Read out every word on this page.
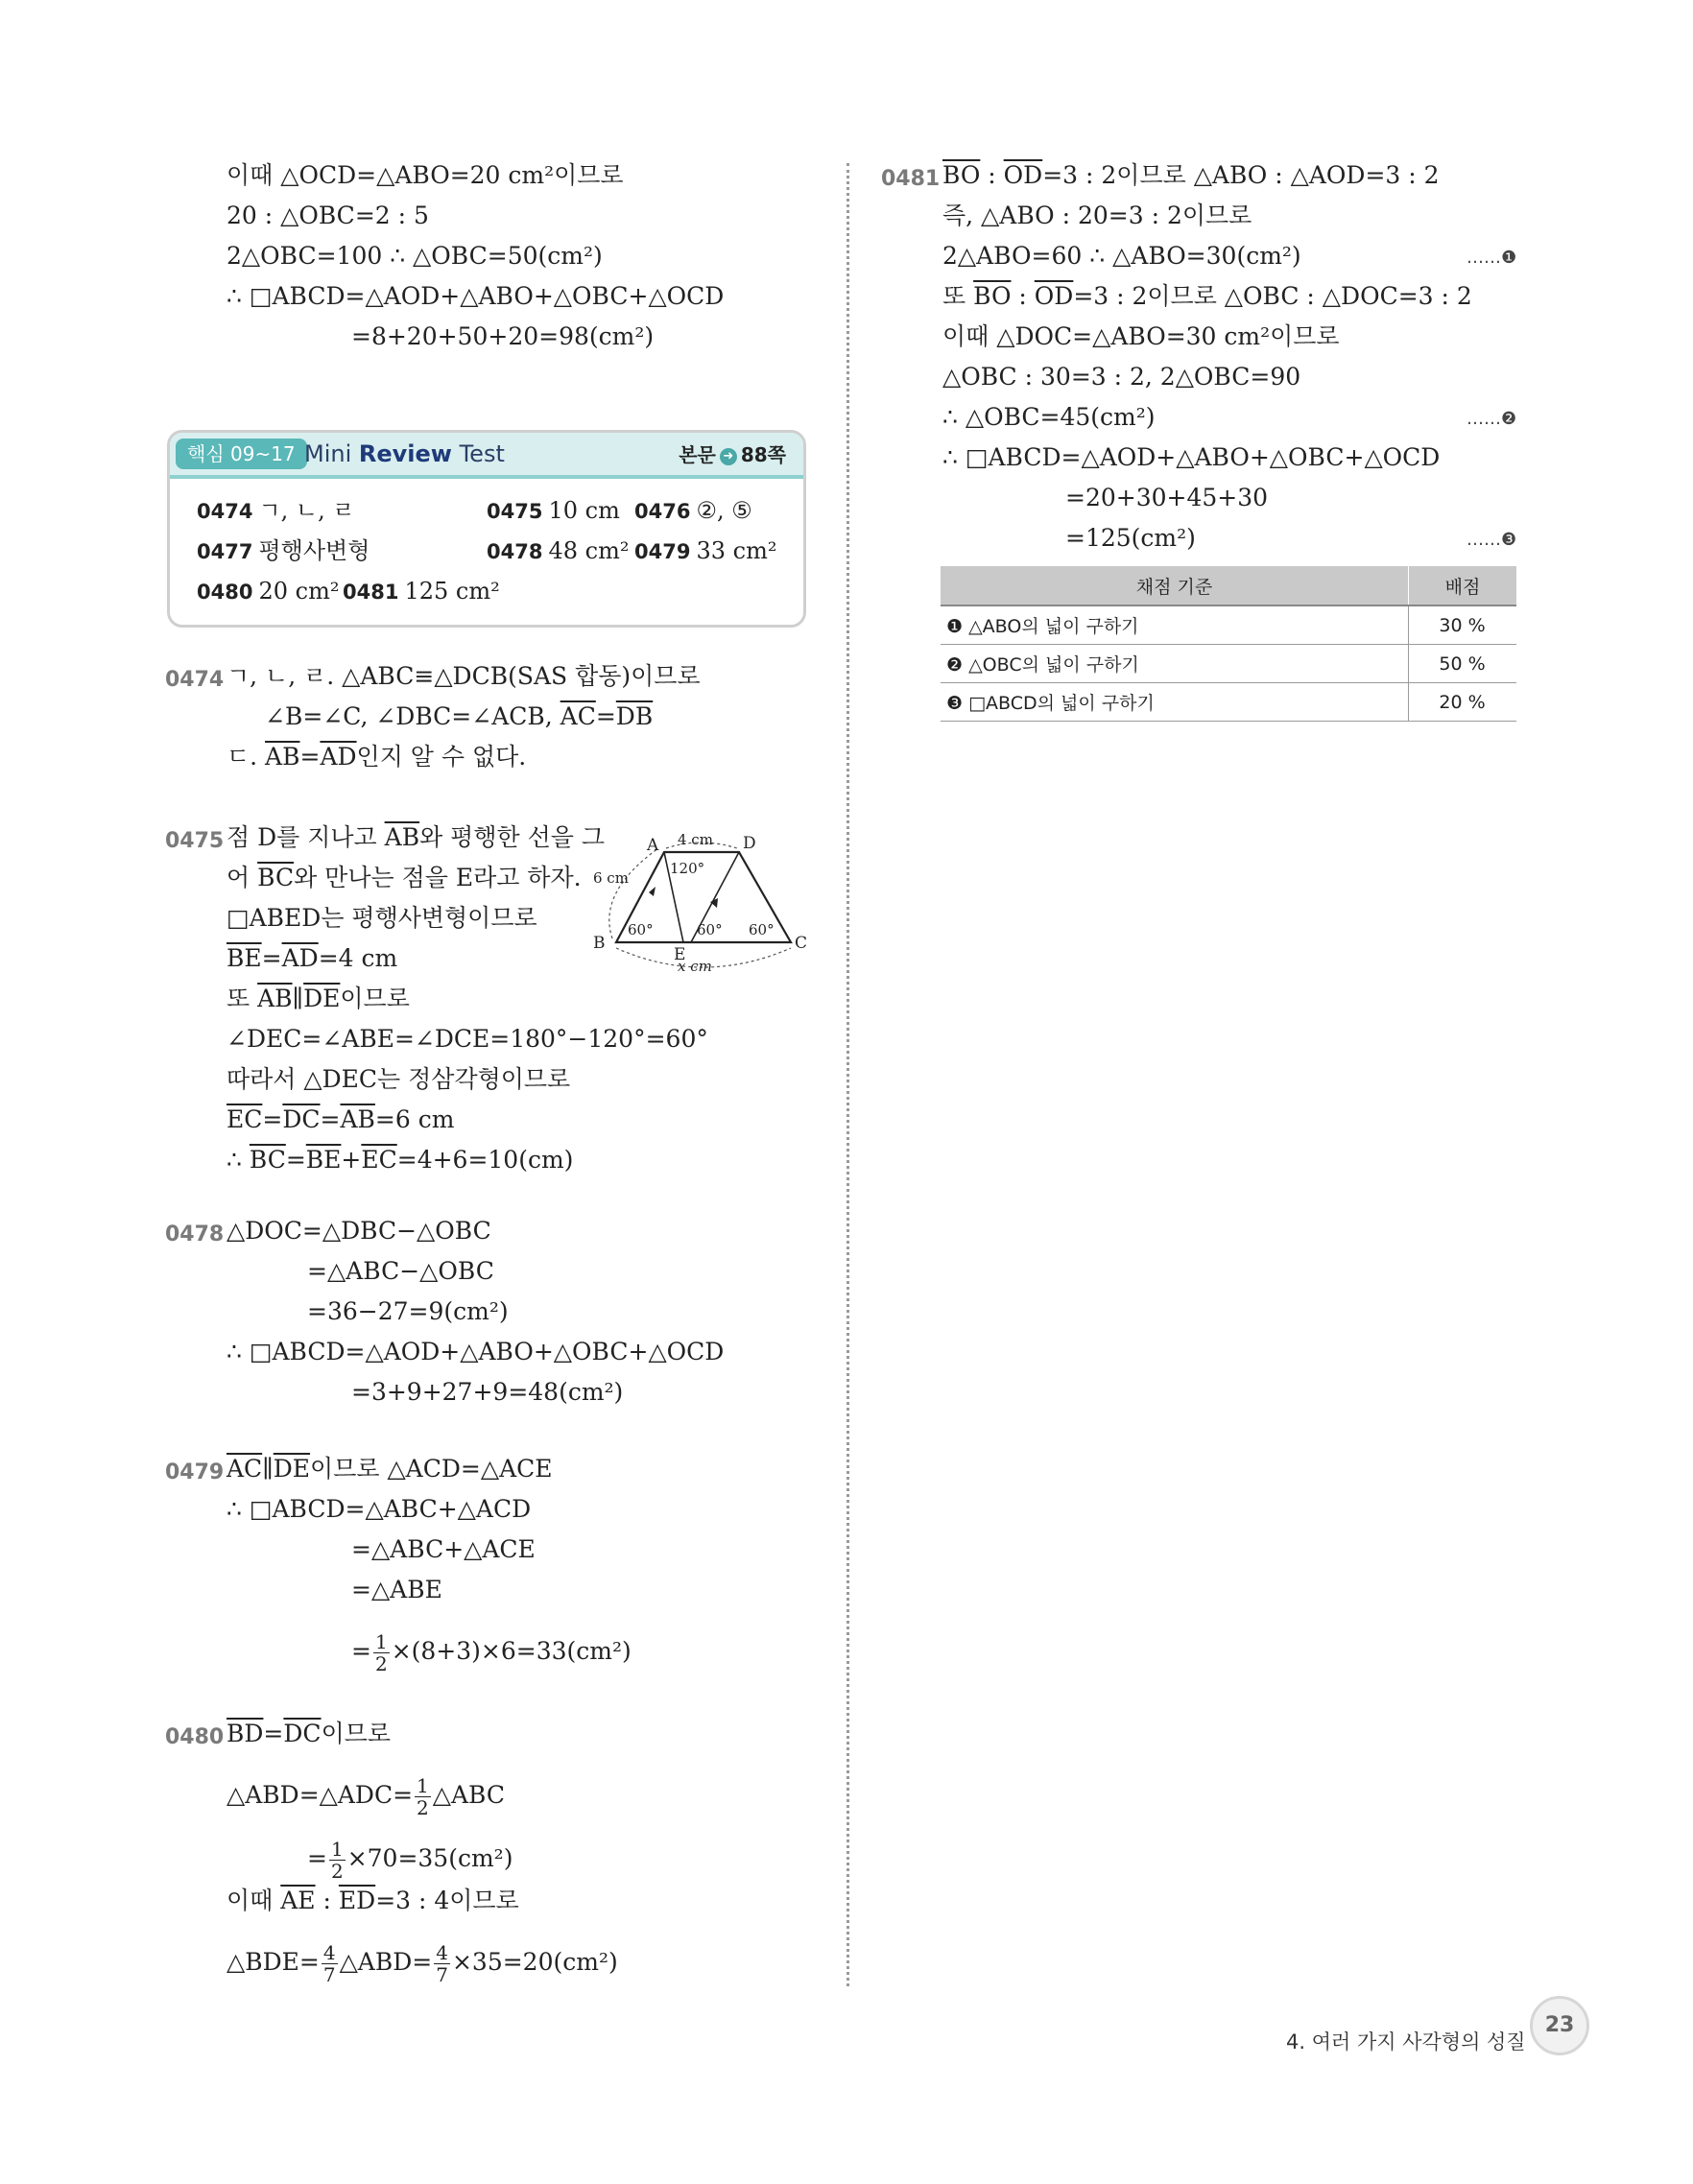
이때 △OCD=△ABO=20 cm²이므로
20 : △OBC=2 : 5
2△OBC=100 ∴ △OBC=50(cm²)
∴ □ABCD=△AOD+△ABO+△OBC+△OCD
=8+20+50+20=98(cm²)
핵심 09~17 Mini Review Test	본문 ➜ 88쪽
0474 ㄱ, ㄴ, ㄹ	0475 10 cm 0476 ②, ⑤
0477 평행사변형	0478 48 cm² 0479 33 cm²
0480 20 cm² 0481 125 cm²
0474 ㄱ, ㄴ, ㄹ. △ABC≡△DCB(SAS 합동)이므로
∠B=∠C, ∠DBC=∠ACB, $\overline{AC}=\overline{DB}$
ㄷ. $\overline{AB}=\overline{AD}$인지 알 수 없다.
0475 점 D를 지나고 $\overline{AB}$와 평행한 선을 그
어 $\overline{BC}$와 만나는 점을 E라고 하자.
□ABED는 평행사변형이므로
$\overline{BE}=\overline{AD}=4$ cm
또 $\overline{AB}\parallel\overline{DE}$이므로
∠DEC=∠ABE=∠DCE=180°−120°=60°
따라서 △DEC는 정삼각형이므로
$\overline{EC}=\overline{DC}=\overline{AB}=6$ cm
∴ $\overline{BC}=\overline{BE}+\overline{EC}=4+6=10(cm)$
A	D
B	C
E
4 cm
6 cm
120°
60°	60° 60°
x cm
0478 △DOC=△DBC−△OBC
=△ABC−△OBC
=36−27=9(cm²)
∴ □ABCD=△AOD+△ABO+△OBC+△OCD
=3+9+27+9=48(cm²)
0479 $\overline{AC}\parallel\overline{DE}$이므로 △ACD=△ACE
∴ □ABCD=△ABC+△ACD
=△ABC+△ACE
=△ABE
= $\frac{1}{2} \times(8+3)\times 6=33(cm^2)$
0480 $\overline{BD}=\overline{DC}$이므로
△ABD=△ADC= $\frac{1}{2}$ △ABC
= $\frac{1}{2} \times 70=35(cm^2)$
이때 $\overline{AE}$ : $\overline{ED}=3$ : 4이므로
△BDE= $\frac{4}{7}$ △ABD= $\frac{4}{7} \times 35=20(cm^2)$
0481 $\overline{BO}$ : $\overline{OD}=3$ : 2이므로 △ABO : △AOD=3 : 2
즉, △ABO : 20=3 : 2이므로
2△ABO=60 ∴ △ABO=30(cm²)	……❶
또 $\overline{BO}$ : $\overline{OD}=3$ : 2이므로 △OBC : △DOC=3 : 2
이때 △DOC=△ABO=30 cm²이므로
△OBC : 30=3 : 2, 2△OBC=90
∴ △OBC=45(cm²)	……❷
∴ □ABCD=△AOD+△ABO+△OBC+△OCD
=20+30+45+30
=125(cm²)	……❸
채점 기준	배점
❶ △ABO의 넓이 구하기	30 %
❷ △OBC의 넓이 구하기	50 %
❸ □ABCD의 넓이 구하기	20 %
4. 여러 가지 사각형의 성질
23
